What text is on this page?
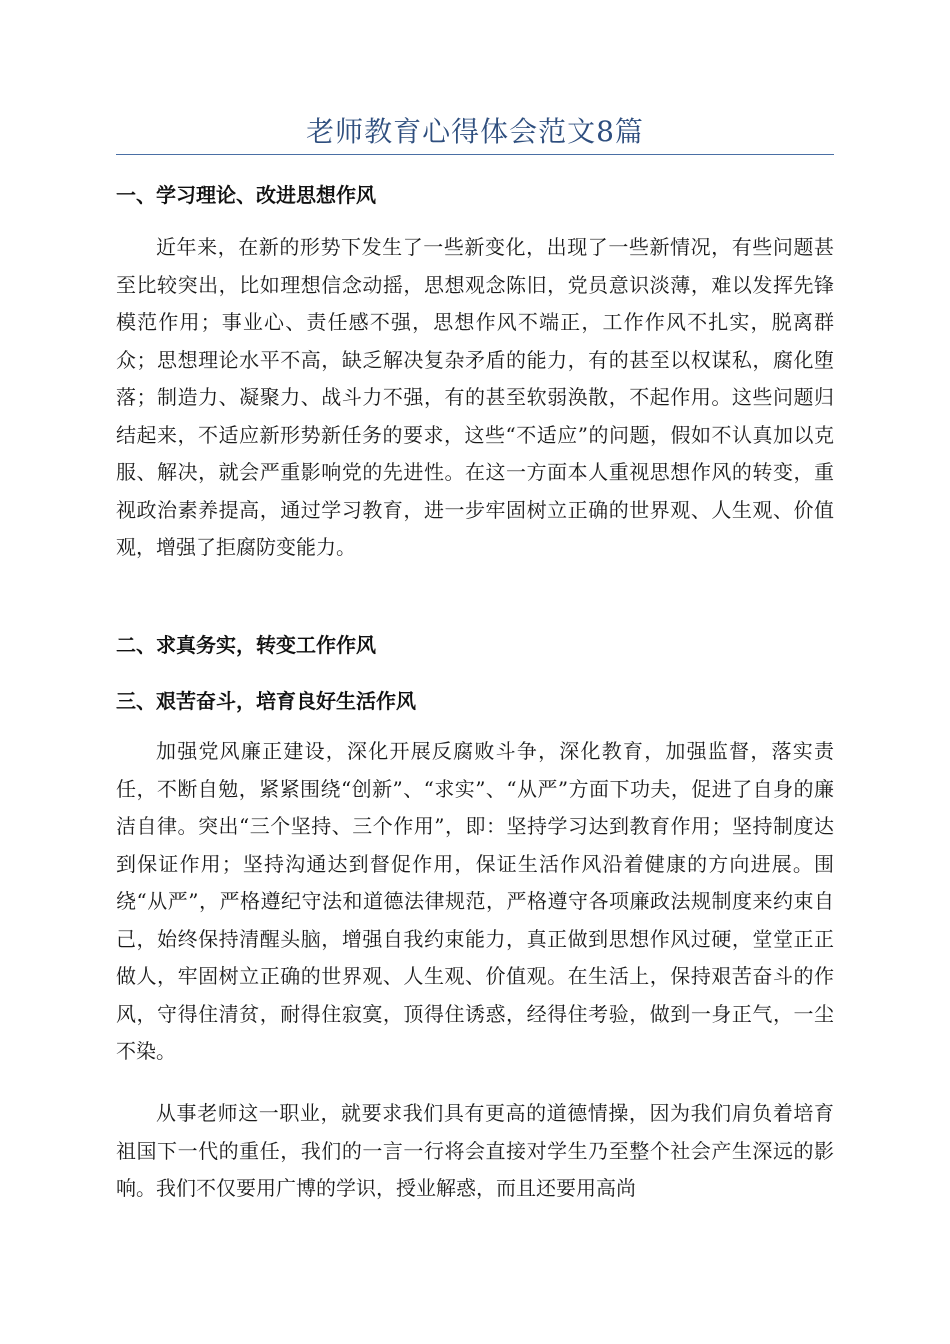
老师教育心得体会范文8篇
一、学习理论、改进思想作风
近年来，在新的形势下发生了一些新变化，出现了一些新情况，有些问题甚至比较突出，比如理想信念动摇，思想观念陈旧，党员意识淡薄，难以发挥先锋模范作用；事业心、责任感不强，思想作风不端正，工作作风不扎实，脱离群众；思想理论水平不高，缺乏解决复杂矛盾的能力，有的甚至以权谋私，腐化堕落；制造力、凝聚力、战斗力不强，有的甚至软弱涣散，不起作用。这些问题归结起来，不适应新形势新任务的要求，这些“不适应”的问题，假如不认真加以克服、解决，就会严重影响党的先进性。在这一方面本人重视思想作风的转变，重视政治素养提高，通过学习教育，进一步牢固树立正确的世界观、人生观、价值观，增强了拒腐防变能力。
二、求真务实，转变工作作风
三、艰苦奋斗，培育良好生活作风
加强党风廉正建设，深化开展反腐败斗争，深化教育，加强监督，落实责任，不断自勉，紧紧围绕“创新”、“求实”、“从严”方面下功夫，促进了自身的廉洁自律。突出“三个坚持、三个作用”，即：坚持学习达到教育作用；坚持制度达到保证作用；坚持沟通达到督促作用，保证生活作风沿着健康的方向进展。围绕“从严”，严格遵纪守法和道德法律规范，严格遵守各项廉政法规制度来约束自己，始终保持清醒头脑，增强自我约束能力，真正做到思想作风过硬，堂堂正正做人，牢固树立正确的世界观、人生观、价值观。在生活上，保持艰苦奋斗的作风，守得住清贫，耐得住寂寞，顶得住诱惑，经得住考验，做到一身正气，一尘不染。
从事老师这一职业，就要求我们具有更高的道德情操，因为我们肩负着培育祖国下一代的重任，我们的一言一行将会直接对学生乃至整个社会产生深远的影响。我们不仅要用广博的学识，授业解惑，而且还要用高尚
